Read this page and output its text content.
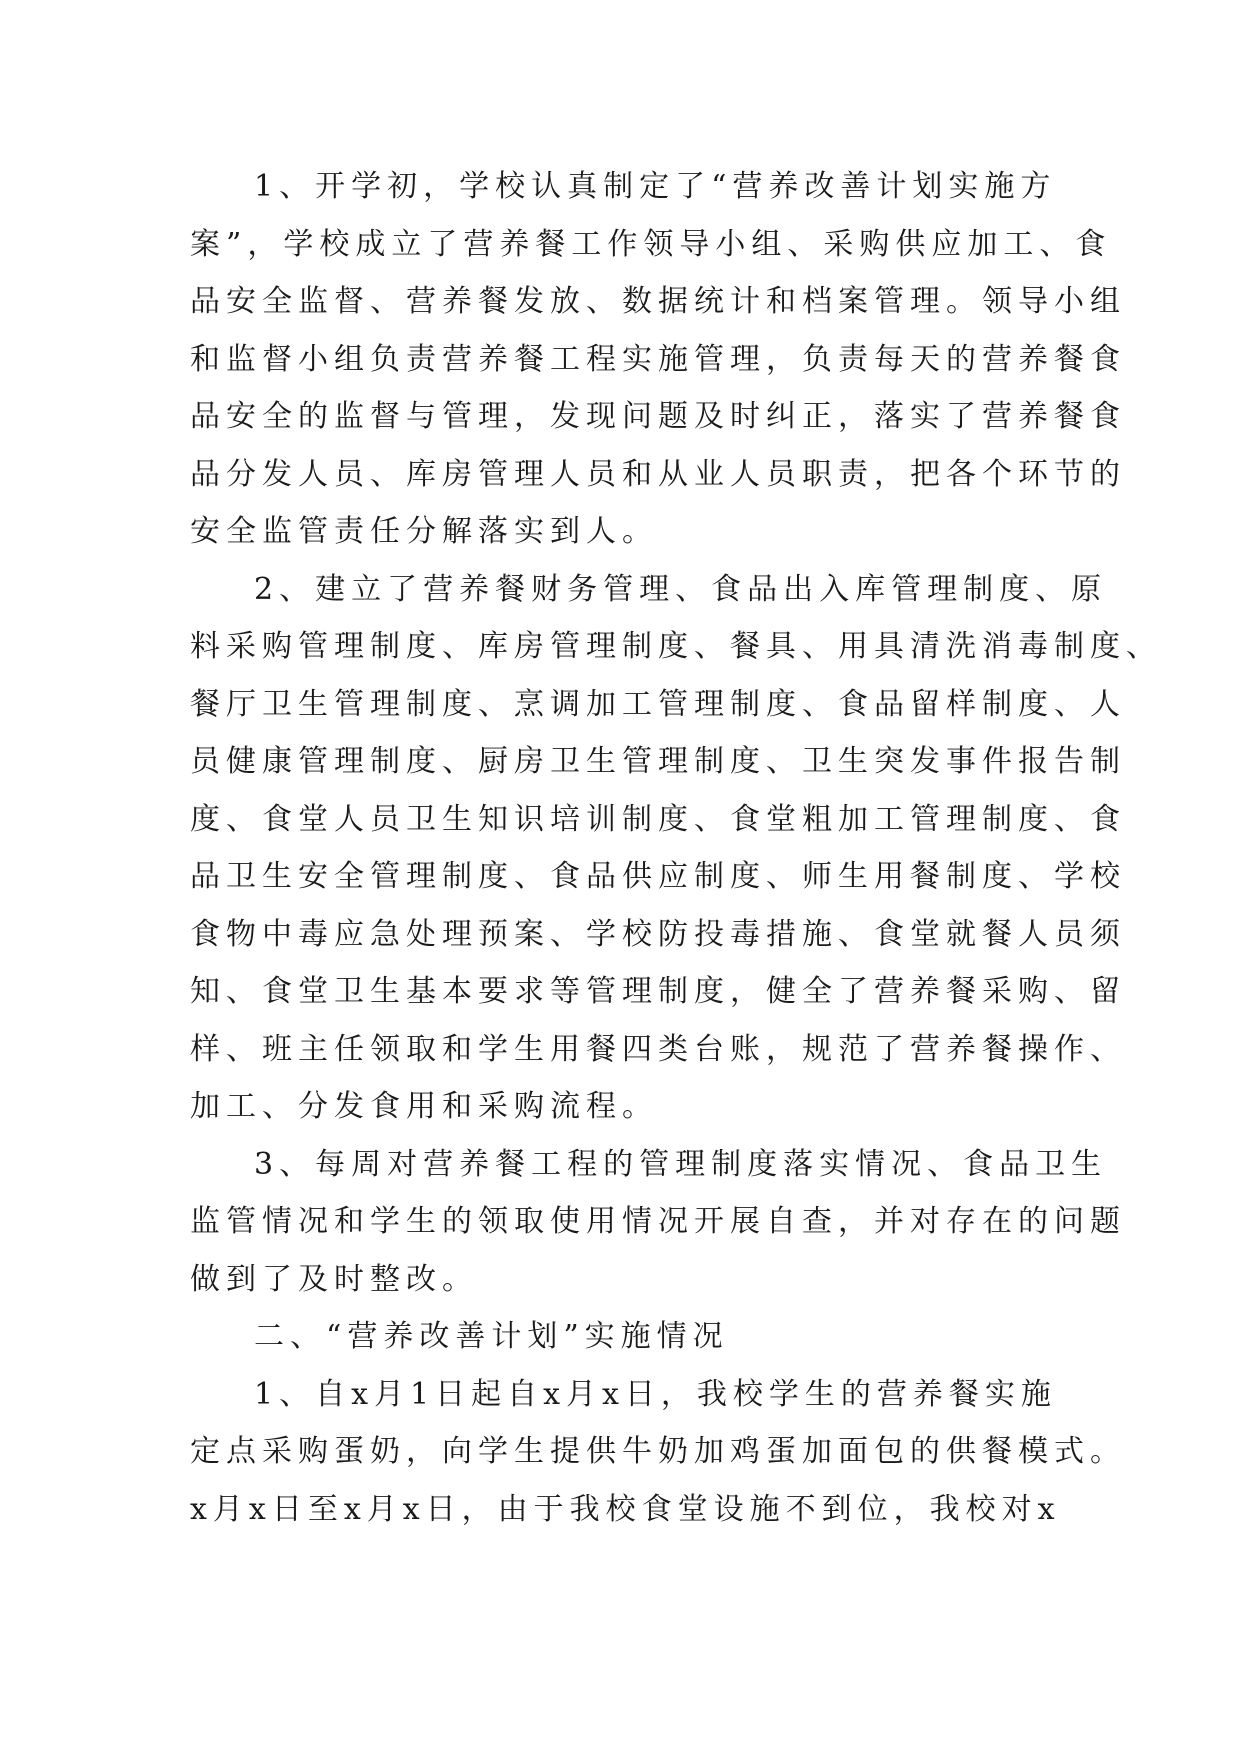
1、开学初，学校认真制定了“营养改善计划实施方
案”，学校成立了营养餐工作领导小组、采购供应加工、食
品安全监督、营养餐发放、数据统计和档案管理。领导小组
和监督小组负责营养餐工程实施管理，负责每天的营养餐食
品安全的监督与管理，发现问题及时纠正，落实了营养餐食
品分发人员、库房管理人员和从业人员职责，把各个环节的
安全监管责任分解落实到人。
2、建立了营养餐财务管理、食品出入库管理制度、原
料采购管理制度、库房管理制度、餐具、用具清洗消毒制度、
餐厅卫生管理制度、烹调加工管理制度、食品留样制度、人
员健康管理制度、厨房卫生管理制度、卫生突发事件报告制
度、食堂人员卫生知识培训制度、食堂粗加工管理制度、食
品卫生安全管理制度、食品供应制度、师生用餐制度、学校
食物中毒应急处理预案、学校防投毒措施、食堂就餐人员须
知、食堂卫生基本要求等管理制度，健全了营养餐采购、留
样、班主任领取和学生用餐四类台账，规范了营养餐操作、
加工、分发食用和采购流程。
3、每周对营养餐工程的管理制度落实情况、食品卫生
监管情况和学生的领取使用情况开展自查，并对存在的问题
做到了及时整改。
二、“营养改善计划”实施情况
1、自x月1日起自x月x日，我校学生的营养餐实施
定点采购蛋奶，向学生提供牛奶加鸡蛋加面包的供餐模式。
x月x日至x月x日，由于我校食堂设施不到位，我校对x
